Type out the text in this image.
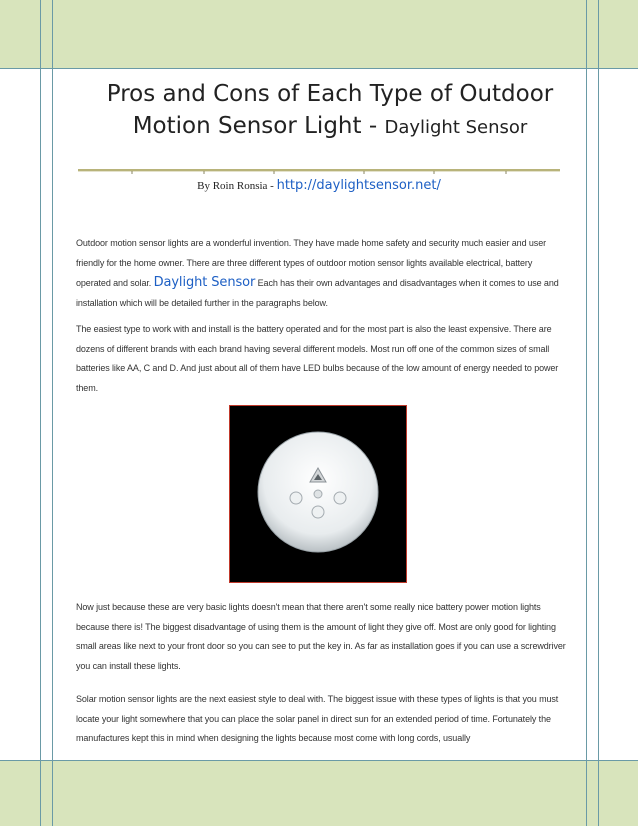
Pros and Cons of Each Type of Outdoor
Motion Sensor Light - Daylight Sensor
By Roin Ronsia - http://daylightsensor.net/
Outdoor motion sensor lights are a wonderful invention. They have made home safety and security much easier and user friendly for the home owner. There are three different types of outdoor motion sensor lights available electrical, battery operated and solar. Daylight Sensor Each has their own advantages and disadvantages when it comes to use and installation which will be detailed further in the paragraphs below.
The easiest type to work with and install is the battery operated and for the most part is also the least expensive. There are dozens of different brands with each brand having several different models. Most run off one of the common sizes of small batteries like AA, C and D. And just about all of them have LED bulbs because of the low amount of energy needed to power them.
Now just because these are very basic lights doesn't mean that there aren't some really nice battery power motion lights because there is! The biggest disadvantage of using them is the amount of light they give off. Most are only good for lighting small areas like next to your front door so you can see to put the key in. As far as installation goes if you can use a screwdriver you can install these lights.
Solar motion sensor lights are the next easiest style to deal with. The biggest issue with these types of lights is that you must locate your light somewhere that you can place the solar panel in direct sun for an extended period of time. Fortunately the manufactures kept this in mind when designing the lights because most come with long cords, usually
